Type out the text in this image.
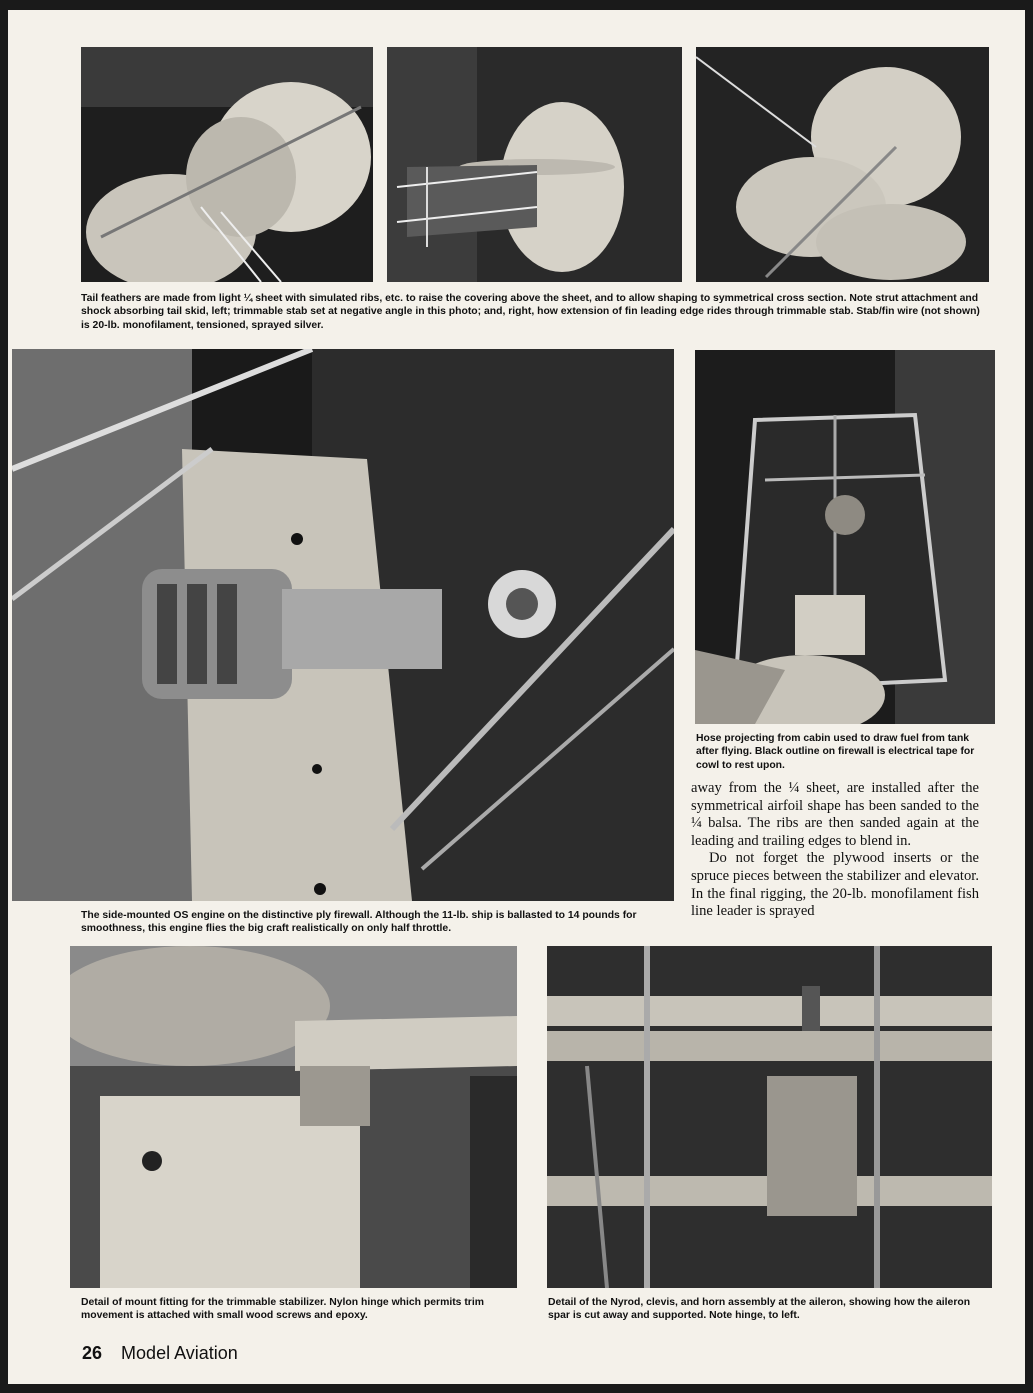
Tail feathers are made from light ¼ sheet with simulated ribs, etc. to raise the covering above the sheet, and to allow shaping to symmetrical cross section. Note strut attachment and shock absorbing tail skid, left; trimmable stab set at negative angle in this photo; and, right, how extension of fin leading edge rides through trimmable stab. Stab/fin wire (not shown) is 20-lb. monofilament, tensioned, sprayed silver.

The side-mounted OS engine on the distinctive ply firewall. Although the 11-lb. ship is ballasted to 14 pounds for smoothness, this engine flies the big craft realistically on only half throttle.

Hose projecting from cabin used to draw fuel from tank after flying. Black outline on firewall is electrical tape for cowl to rest upon.

away from the ¼ sheet, are installed after the symmetrical airfoil shape has been sanded to the ¼ balsa. The ribs are then sanded again at the leading and trailing edges to blend in.

Do not forget the plywood inserts or the spruce pieces between the stabilizer and elevator. In the final rigging, the 20-lb. monofilament fish line leader is sprayed

Detail of mount fitting for the trimmable stabilizer. Nylon hinge which permits trim movement is attached with small wood screws and epoxy.

Detail of the Nyrod, clevis, and horn assembly at the aileron, showing how the aileron spar is cut away and supported. Note hinge, to left.

26 Model Aviation
